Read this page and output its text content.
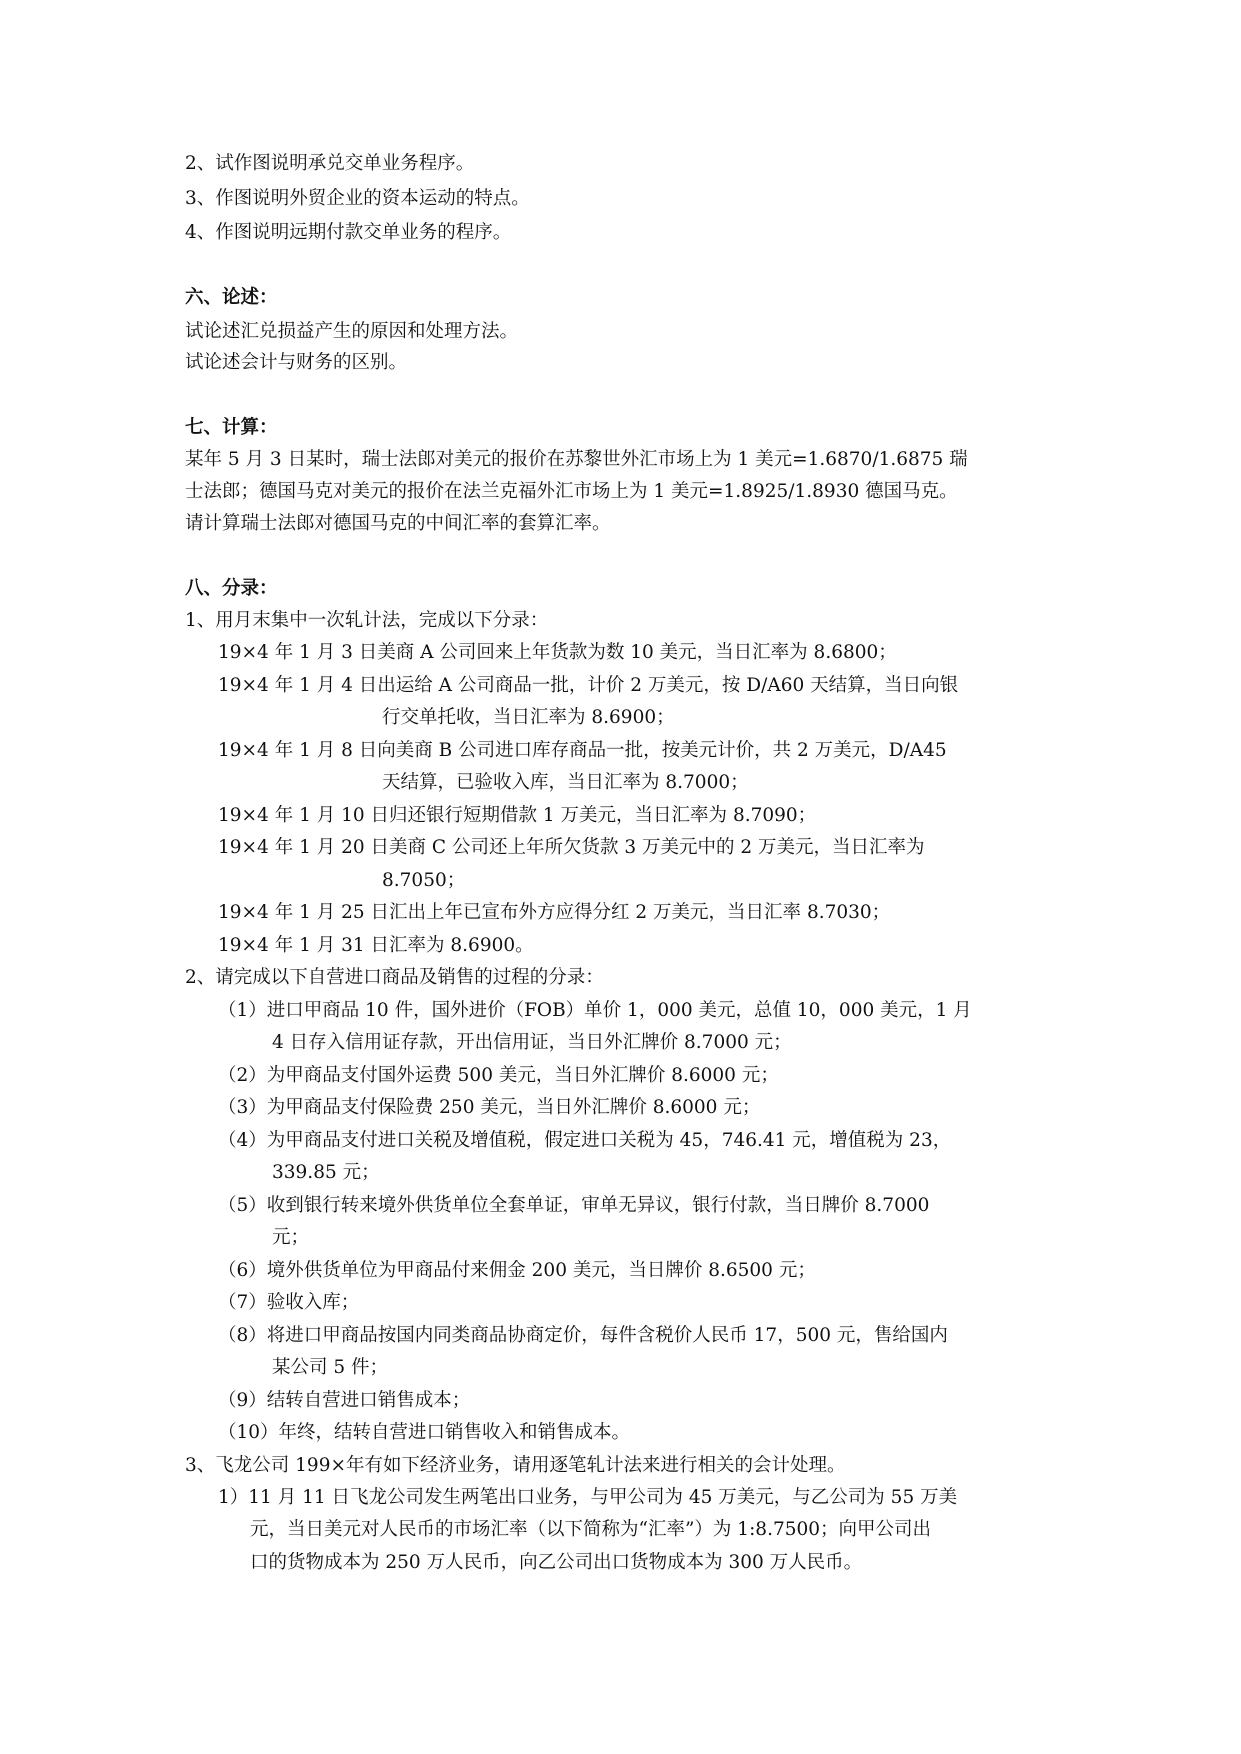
2、试作图说明承兑交单业务程序。
3、作图说明外贸企业的资本运动的特点。
4、作图说明远期付款交单业务的程序。
六、论述：
试论述汇兑损益产生的原因和处理方法。
试论述会计与财务的区别。
七、计算：
某年 5 月 3 日某时，瑞士法郎对美元的报价在苏黎世外汇市场上为 1 美元=1.6870/1.6875 瑞
士法郎；德国马克对美元的报价在法兰克福外汇市场上为 1 美元=1.8925/1.8930 德国马克。
请计算瑞士法郎对德国马克的中间汇率的套算汇率。
八、分录：
1、用月末集中一次轧计法，完成以下分录：
19×4 年 1 月 3 日美商 A 公司回来上年货款为数 10 美元，当日汇率为 8.6800；
19×4 年 1 月 4 日出运给 A 公司商品一批，计价 2 万美元，按 D/A60 天结算，当日向银
行交单托收，当日汇率为 8.6900；
19×4 年 1 月 8 日向美商 B 公司进口库存商品一批，按美元计价，共 2 万美元，D/A45
天结算，已验收入库，当日汇率为 8.7000；
19×4 年 1 月 10 日归还银行短期借款 1 万美元，当日汇率为 8.7090；
19×4 年 1 月 20 日美商 C 公司还上年所欠货款 3 万美元中的 2 万美元，当日汇率为
8.7050；
19×4 年 1 月 25 日汇出上年已宣布外方应得分红 2 万美元，当日汇率 8.7030；
19×4 年 1 月 31 日汇率为 8.6900。
2、请完成以下自营进口商品及销售的过程的分录：
（1）进口甲商品 10 件，国外进价（FOB）单价 1，000 美元，总值 10，000 美元，1 月
4 日存入信用证存款，开出信用证，当日外汇牌价 8.7000 元；
（2）为甲商品支付国外运费 500 美元，当日外汇牌价 8.6000 元；
（3）为甲商品支付保险费 250 美元，当日外汇牌价 8.6000 元；
（4）为甲商品支付进口关税及增值税，假定进口关税为 45，746.41 元，增值税为 23，
339.85 元；
（5）收到银行转来境外供货单位全套单证，审单无异议，银行付款，当日牌价 8.7000
元；
（6）境外供货单位为甲商品付来佣金 200 美元，当日牌价 8.6500 元；
（7）验收入库；
（8）将进口甲商品按国内同类商品协商定价，每件含税价人民币 17，500 元，售给国内
某公司 5 件；
（9）结转自营进口销售成本；
（10）年终，结转自营进口销售收入和销售成本。
3、飞龙公司 199×年有如下经济业务，请用逐笔轧计法来进行相关的会计处理。
1）11 月 11 日飞龙公司发生两笔出口业务，与甲公司为 45 万美元，与乙公司为 55 万美
元，当日美元对人民币的市场汇率（以下简称为“汇率”）为 1:8.7500；向甲公司出
口的货物成本为 250 万人民币，向乙公司出口货物成本为 300 万人民币。
